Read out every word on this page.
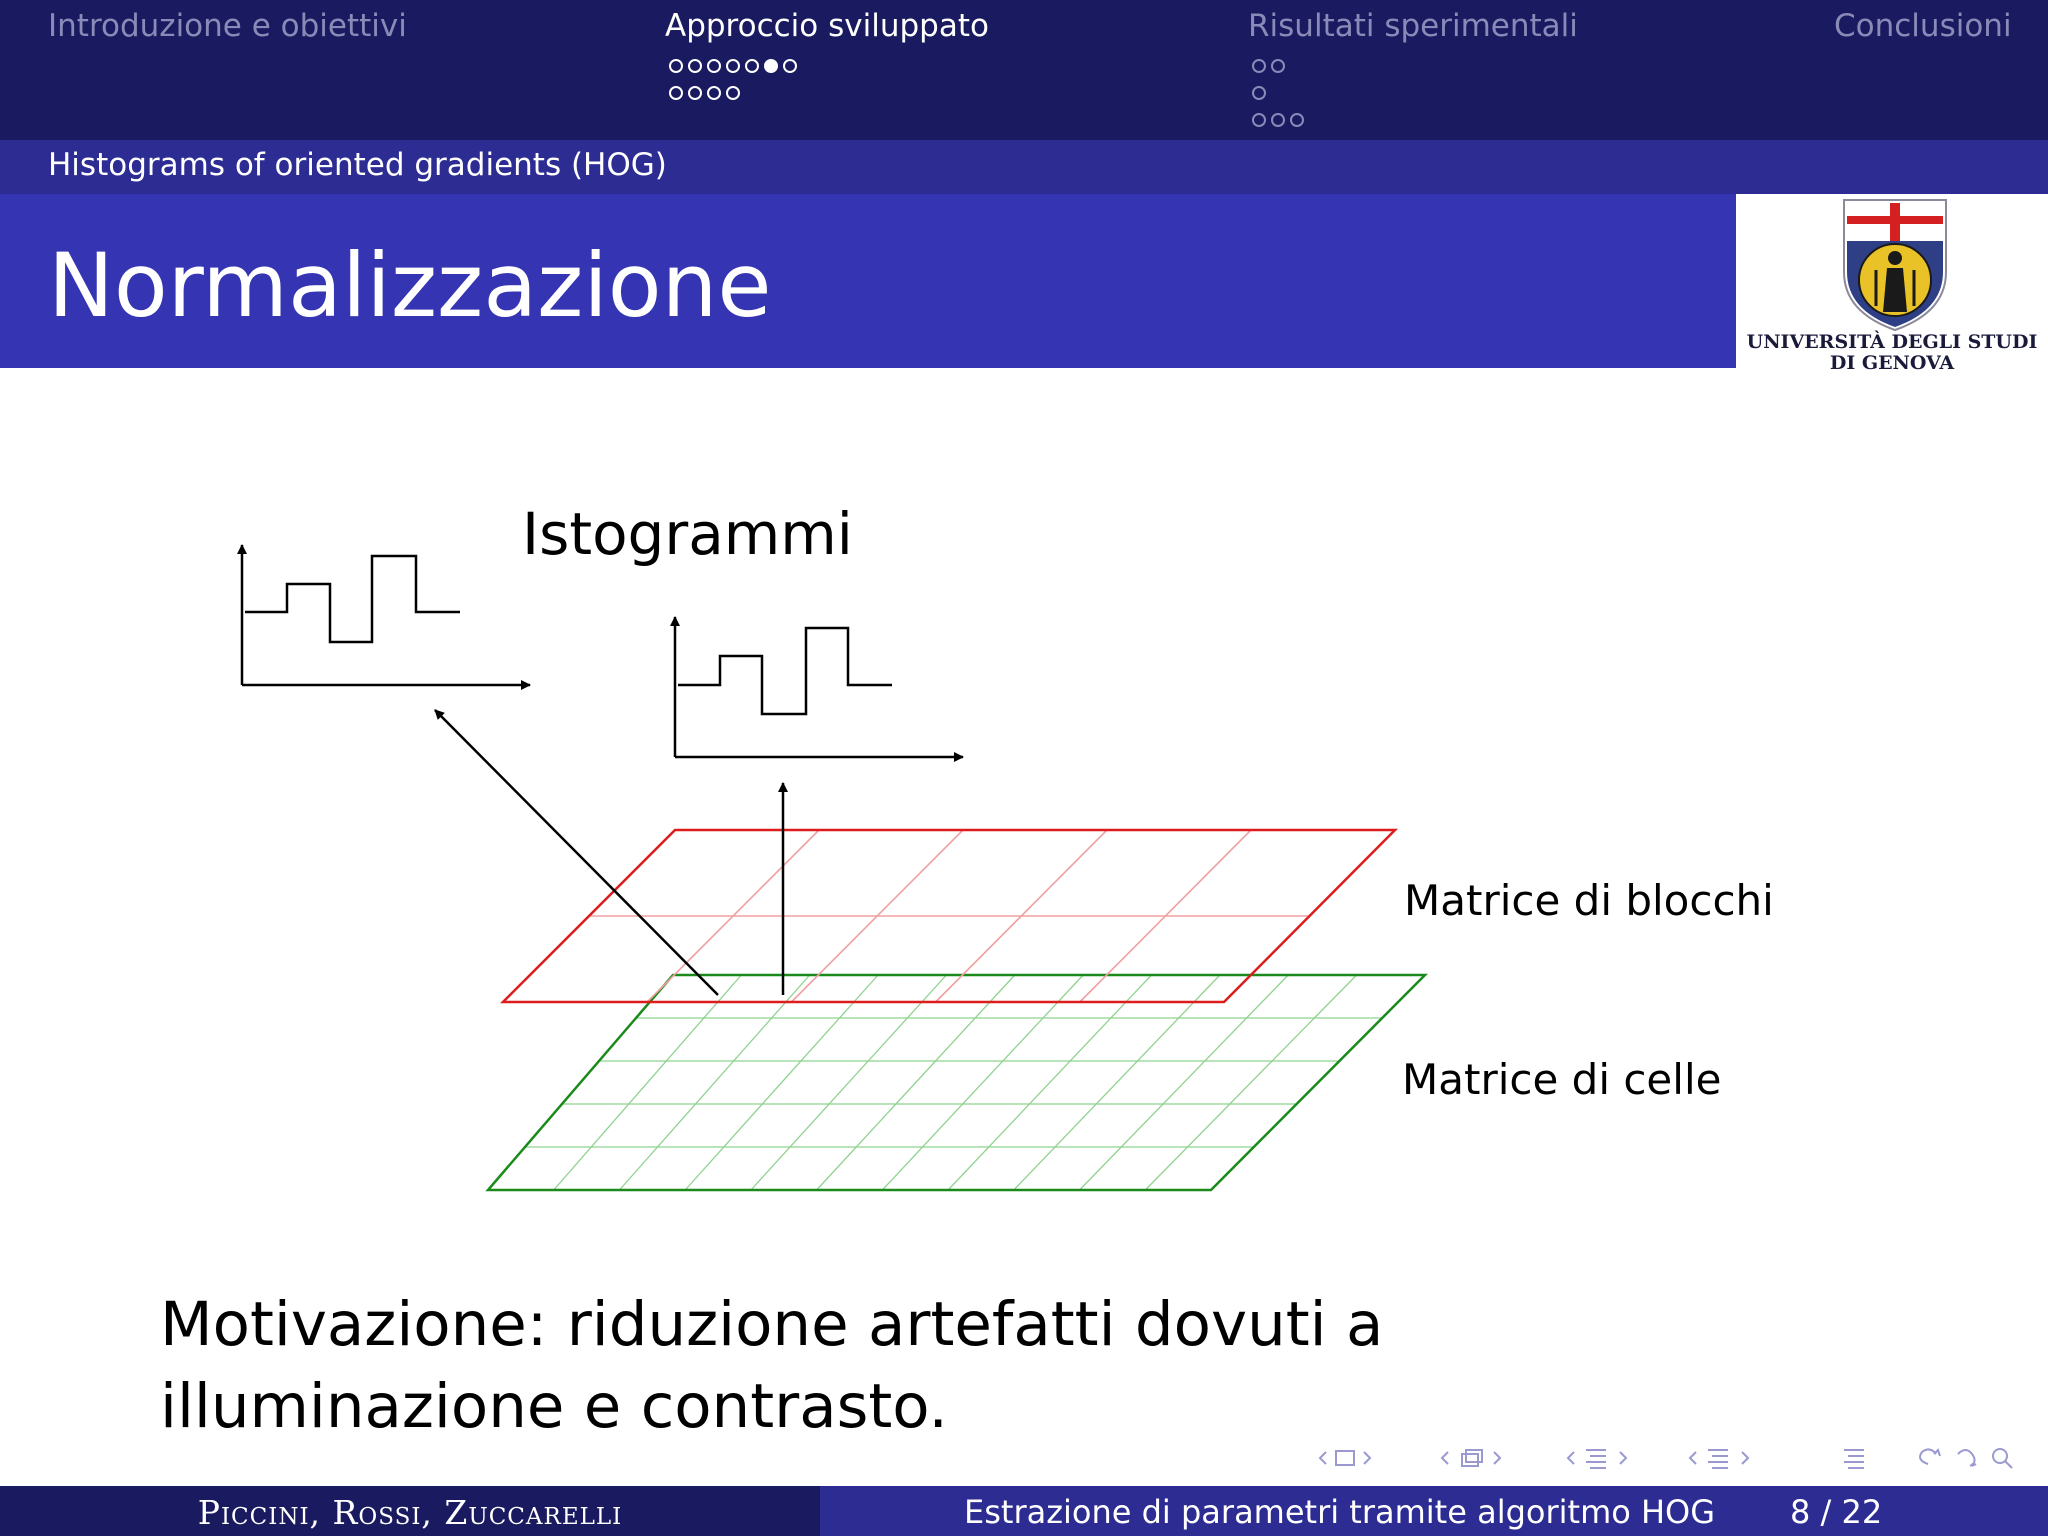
Introduzione e obiettivi	Approccio sviluppato	Risultati sperimentali	Conclusioni
Histograms of oriented gradients (HOG)
Normalizzazione
UNIVERSITÀ DEGLI STUDI
DI GENOVA
Istogrammi
Matrice di blocchi
Matrice di celle
Motivazione: riduzione artefatti dovuti a illuminazione e contrasto.
Piccini, Rossi, Zuccarelli	Estrazione di parametri tramite algoritmo HOG 8 / 22
